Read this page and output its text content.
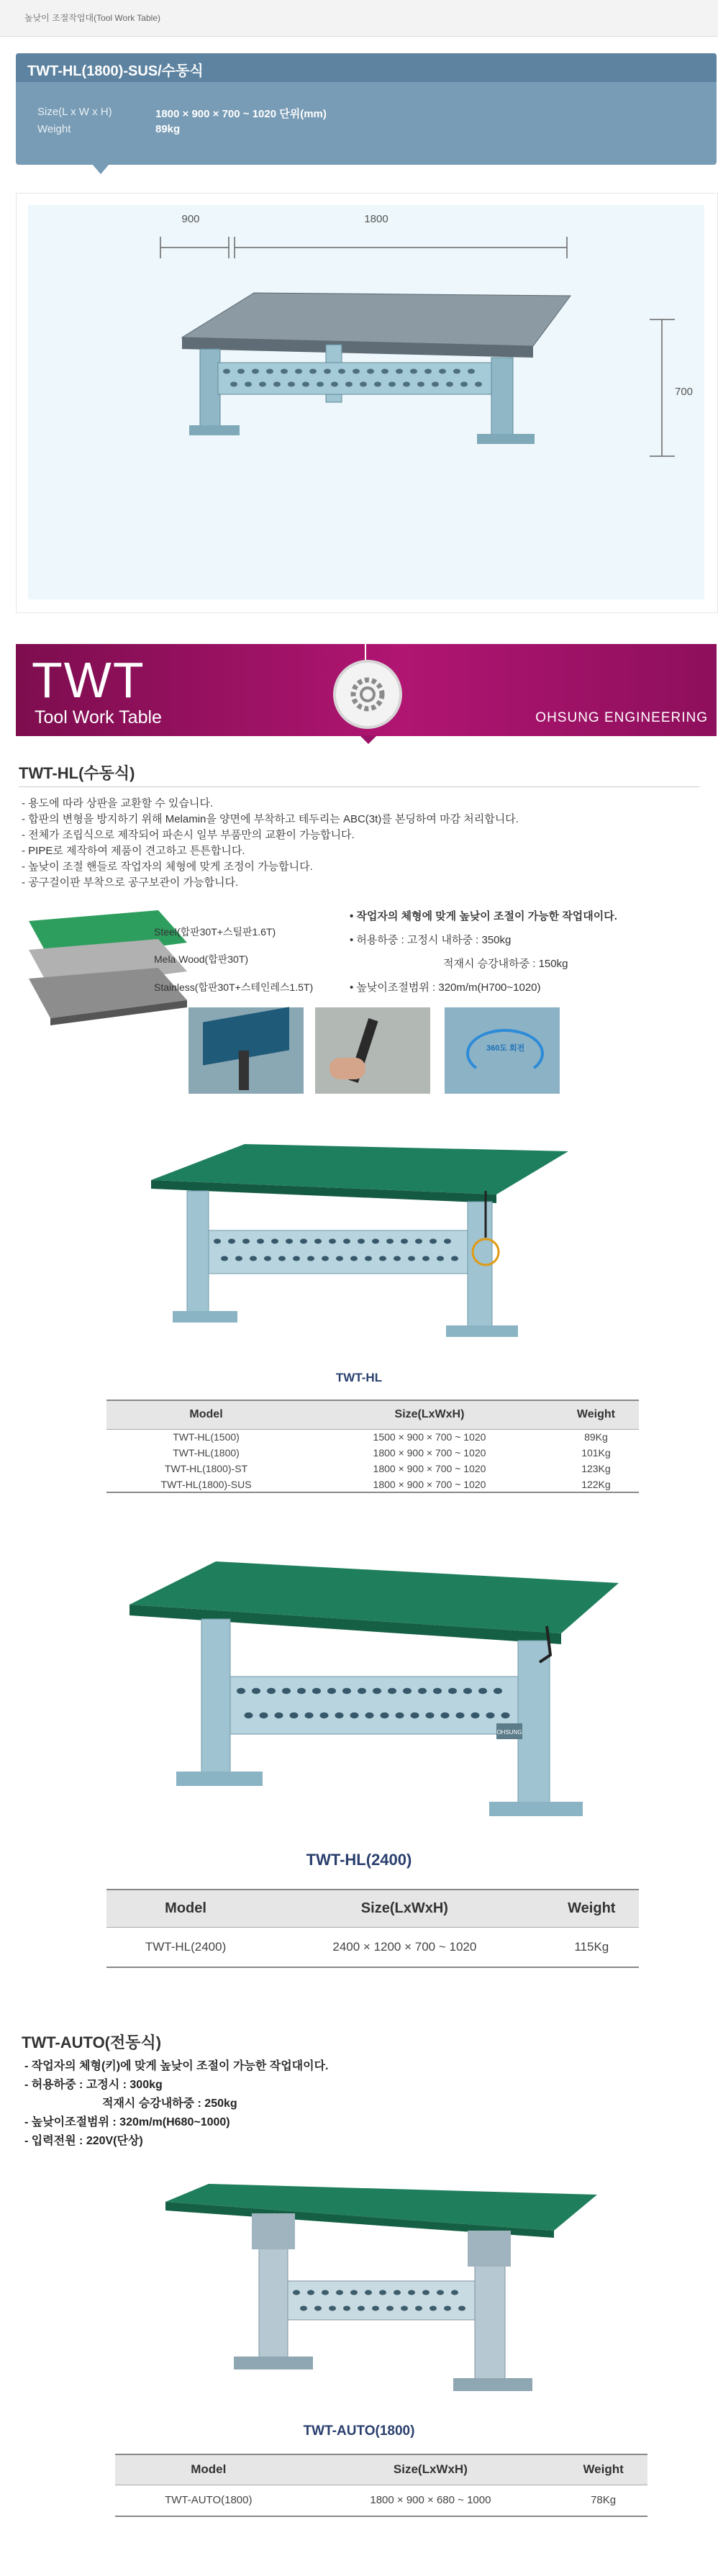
높낮이 조절작업대(Tool Work Table)
TWT-HL(1800)-SUS/수동식
Size(L x W x H)	1800 × 900 × 700 ~ 1020 단위(mm)
Weight	89kg
900	1800
700
TWT
Tool Work Table	OHSUNG ENGINEERING
TWT-HL(수동식)
- 용도에 따라 상판을 교환할 수 있습니다.
- 합판의 변형을 방지하기 위해 Melamin을 양면에 부착하고 테두리는 ABC(3t)를 본딩하여 마감 처리합니다.
- 전체가 조립식으로 제작되어 파손시 일부 부품만의 교환이 가능합니다.
- PIPE로 제작하여 제품이 견고하고 튼튼합니다.
- 높낮이 조절 핸들로 작업자의 체형에 맞게 조정이 가능합니다.
- 공구걸이판 부착으로 공구보관이 가능합니다.
Steel(합판30T+스틸판1.6T)
Mela Wood(합판30T)
Stainless(합판30T+스테인레스1.5T)
• 작업자의 체형에 맞게 높낮이 조절이 가능한 작업대이다.
• 허용하중 : 고정시 내하중 : 350kg
적재시 승강내하중 : 150kg
• 높낮이조절범위 : 320m/m(H700~1020)
360도 회전
TWT-HL
Model	Size(LxWxH)	Weight
TWT-HL(1500)	1500 × 900 × 700 ~ 1020	89Kg
TWT-HL(1800)	1800 × 900 × 700 ~ 1020	101Kg
TWT-HL(1800)-ST	1800 × 900 × 700 ~ 1020	123Kg
TWT-HL(1800)-SUS	1800 × 900 × 700 ~ 1020	122Kg
OHSUNG
TWT-HL(2400)
Model	Size(LxWxH)	Weight
TWT-HL(2400)	2400 × 1200 × 700 ~ 1020	115Kg
TWT-AUTO(전동식)
- 작업자의 체형(키)에 맞게 높낮이 조절이 가능한 작업대이다.
- 허용하중 : 고정시 : 300kg
적재시 승강내하중 : 250kg
- 높낮이조절범위 : 320m/m(H680~1000)
- 입력전원 : 220V(단상)
TWT-AUTO(1800)
Model	Size(LxWxH)	Weight
TWT-AUTO(1800)	1800 × 900 × 680 ~ 1000	78Kg
